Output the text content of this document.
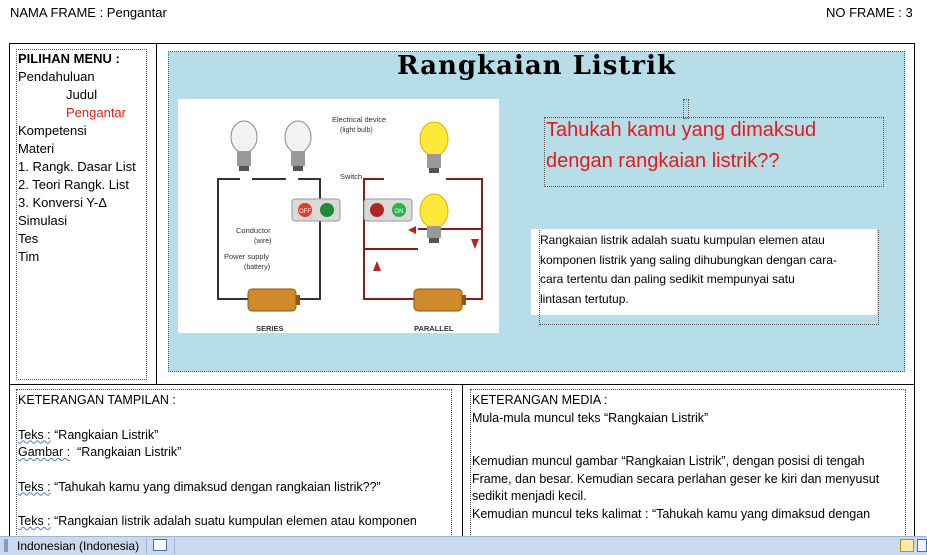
NAMA FRAME : Pengantar	NO FRAME : 3
PILIHAN MENU :
Pendahuluan
Judul
Pengantar
Kompetensi
Materi
1. Rangk. Dasar List
2. Teori Rangk. List
3. Konversi Y-Δ
Simulasi
Tes
Tim
Rangkaian Listrik
OFF	ON
Electrical device
(light bulb)
Switch
Conductor
(wire)
Power supply
(battery)
SERIES	PARALLEL
Tahukah kamu yang dimaksud
dengan rangkaian listrik??
Rangkaian listrik adalah suatu kumpulan elemen atau
komponen listrik yang saling dihubungkan dengan cara-
cara tertentu dan paling sedikit mempunyai satu
lintasan tertutup.
KETERANGAN TAMPILAN :
Teks : “Rangkaian Listrik”
Gambar : “Rangkaian Listrik”
Teks : “Tahukah kamu yang dimaksud dengan rangkaian listrik??”
Teks : “Rangkaian listrik adalah suatu kumpulan elemen atau komponen
KETERANGAN MEDIA :
Mula-mula muncul teks “Rangkaian Listrik”
Kemudian muncul gambar “Rangkaian Listrik”, dengan posisi di tengah
Frame, dan besar. Kemudian secara perlahan geser ke kiri dan menyusut
sedikit menjadi kecil.
Kemudian muncul teks kalimat : “Tahukah kamu yang dimaksud dengan
Indonesian (Indonesia)
